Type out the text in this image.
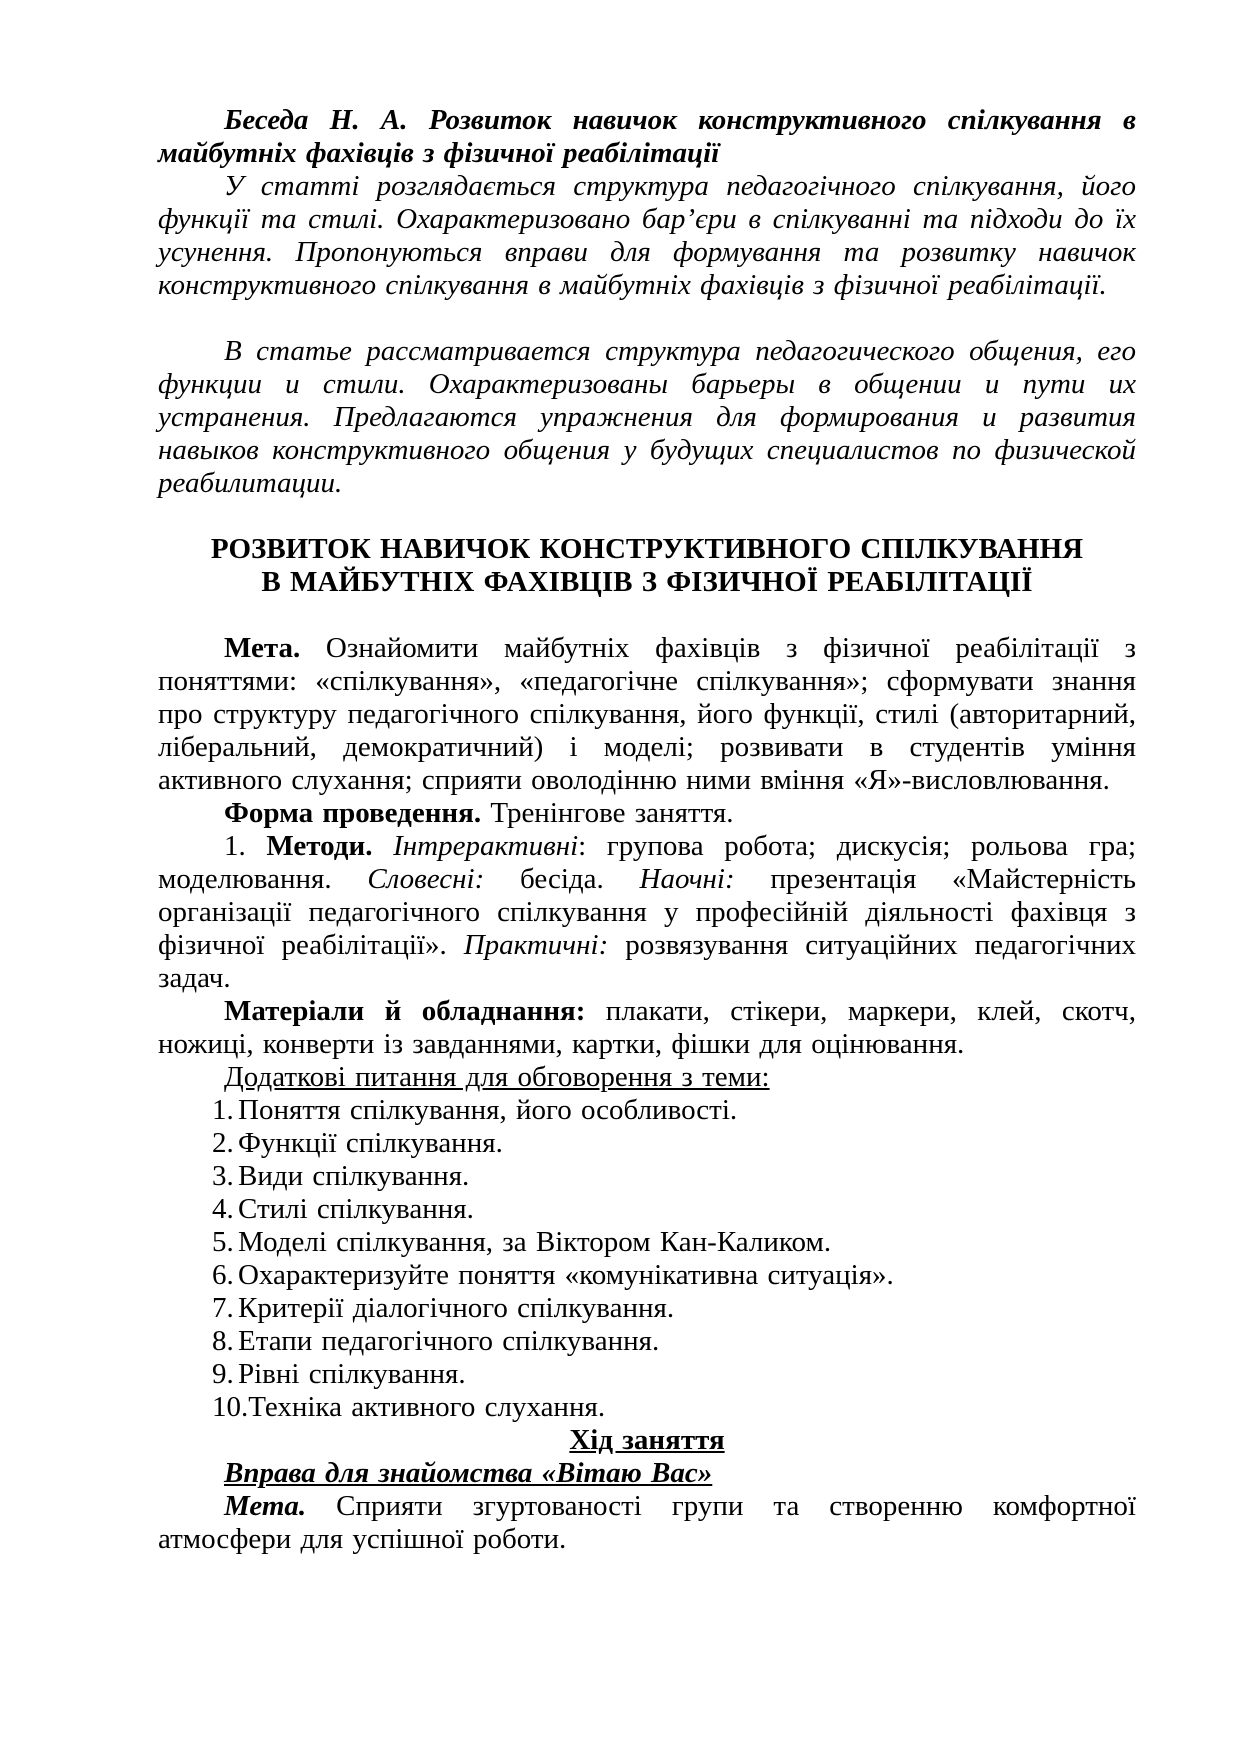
Беседа Н. А. Розвиток навичок конструктивного спілкування в майбутніх фахівців з фізичної реабілітації
У статті розглядається структура педагогічного спілкування, його функції та стилі. Охарактеризовано бар’єри в спілкуванні та підходи до їх усунення. Пропонуються вправи для формування та розвитку навичок конструктивного спілкування в майбутніх фахівців з фізичної реабілітації.
В статье рассматривается структура педагогического общения, его функции и стили. Охарактеризованы барьеры в общении и пути их устранения. Предлагаются упражнения для формирования и развития навыков конструктивного общения у будущих специалистов по физической реабилитации.
РОЗВИТОК НАВИЧОК КОНСТРУКТИВНОГО СПІЛКУВАННЯ
В МАЙБУТНІХ ФАХІВЦІВ З ФІЗИЧНОЇ РЕАБІЛІТАЦІЇ
Мета. Ознайомити майбутніх фахівців з фізичної реабілітації з поняттями: «спілкування», «педагогічне спілкування»; сформувати знання про структуру педагогічного спілкування, його функції, стилі (авторитарний, ліберальний, демократичний) і моделі; розвивати в студентів уміння активного слухання; сприяти оволодінню ними вміння «Я»-висловлювання.
Форма проведення. Тренінгове заняття.
1. Методи. Інтрерактивні: групова робота; дискусія; рольова гра; моделювання. Словесні: бесіда. Наочні: презентація «Майстерність організації педагогічного спілкування у професійній діяльності фахівця з фізичної реабілітації». Практичні: розвязування ситуаційних педагогічних задач.
Матеріали й обладнання: плакати, стікери, маркери, клей, скотч, ножиці, конверти із завданнями, картки, фішки для оцінювання.
Додаткові питання для обговорення з теми:
1. Поняття спілкування, його особливості.
2. Функції спілкування.
3. Види спілкування.
4. Стилі спілкування.
5. Моделі спілкування, за Віктором Кан-Каликом.
6. Охарактеризуйте поняття «комунікативна ситуація».
7. Критерії діалогічного спілкування.
8. Етапи педагогічного спілкування.
9. Рівні спілкування.
10.Техніка активного слухання.
Хід заняття
Вправа для знайомства «Вітаю Вас»
Мета. Сприяти згуртованості групи та створенню комфортної атмосфери для успішної роботи.
